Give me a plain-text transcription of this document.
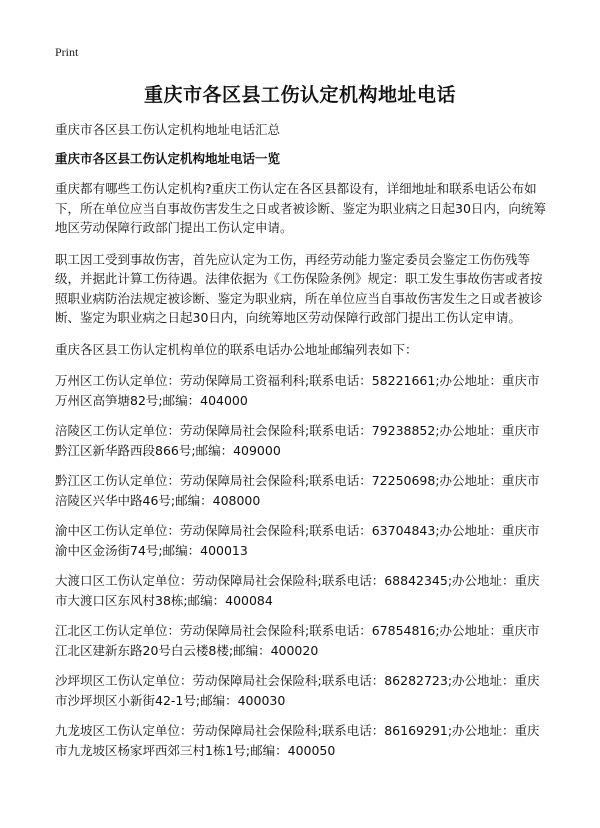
Print
重庆市各区县工伤认定机构地址电话

重庆市各区县工伤认定机构地址电话汇总

重庆市各区县工伤认定机构地址电话一览

重庆都有哪些工伤认定机构?重庆工伤认定在各区县都设有，详细地址和联系电话公布如下，所在单位应当自事故伤害发生之日或者被诊断、鉴定为职业病之日起30日内，向统筹地区劳动保障行政部门提出工伤认定申请。

职工因工受到事故伤害，首先应认定为工伤，再经劳动能力鉴定委员会鉴定工伤伤残等级，并据此计算工伤待遇。法律依据为《工伤保险条例》规定：职工发生事故伤害或者按照职业病防治法规定被诊断、鉴定为职业病，所在单位应当自事故伤害发生之日或者被诊断、鉴定为职业病之日起30日内，向统筹地区劳动保障行政部门提出工伤认定申请。

重庆各区县工伤认定机构单位的联系电话办公地址邮编列表如下：

万州区工伤认定单位：劳动保障局工资福利科;联系电话：58221661;办公地址：重庆市万州区高笋塘82号;邮编：404000

涪陵区工伤认定单位：劳动保障局社会保险科;联系电话：79238852;办公地址：重庆市黔江区新华路西段866号;邮编：409000

黔江区工伤认定单位：劳动保障局社会保险科;联系电话：72250698;办公地址：重庆市涪陵区兴华中路46号;邮编：408000

渝中区工伤认定单位：劳动保障局社会保险科;联系电话：63704843;办公地址：重庆市渝中区金汤街74号;邮编：400013

大渡口区工伤认定单位：劳动保障局社会保险科;联系电话：68842345;办公地址：重庆市大渡口区东风村38栋;邮编：400084

江北区工伤认定单位：劳动保障局社会保险科;联系电话：67854816;办公地址：重庆市江北区建新东路20号白云楼8楼;邮编：400020

沙坪坝区工伤认定单位：劳动保障局社会保险科;联系电话：86282723;办公地址：重庆市沙坪坝区小新街42-1号;邮编：400030

九龙坡区工伤认定单位：劳动保障局社会保险科;联系电话：86169291;办公地址：重庆市九龙坡区杨家坪西郊三村1栋1号;邮编：400050
